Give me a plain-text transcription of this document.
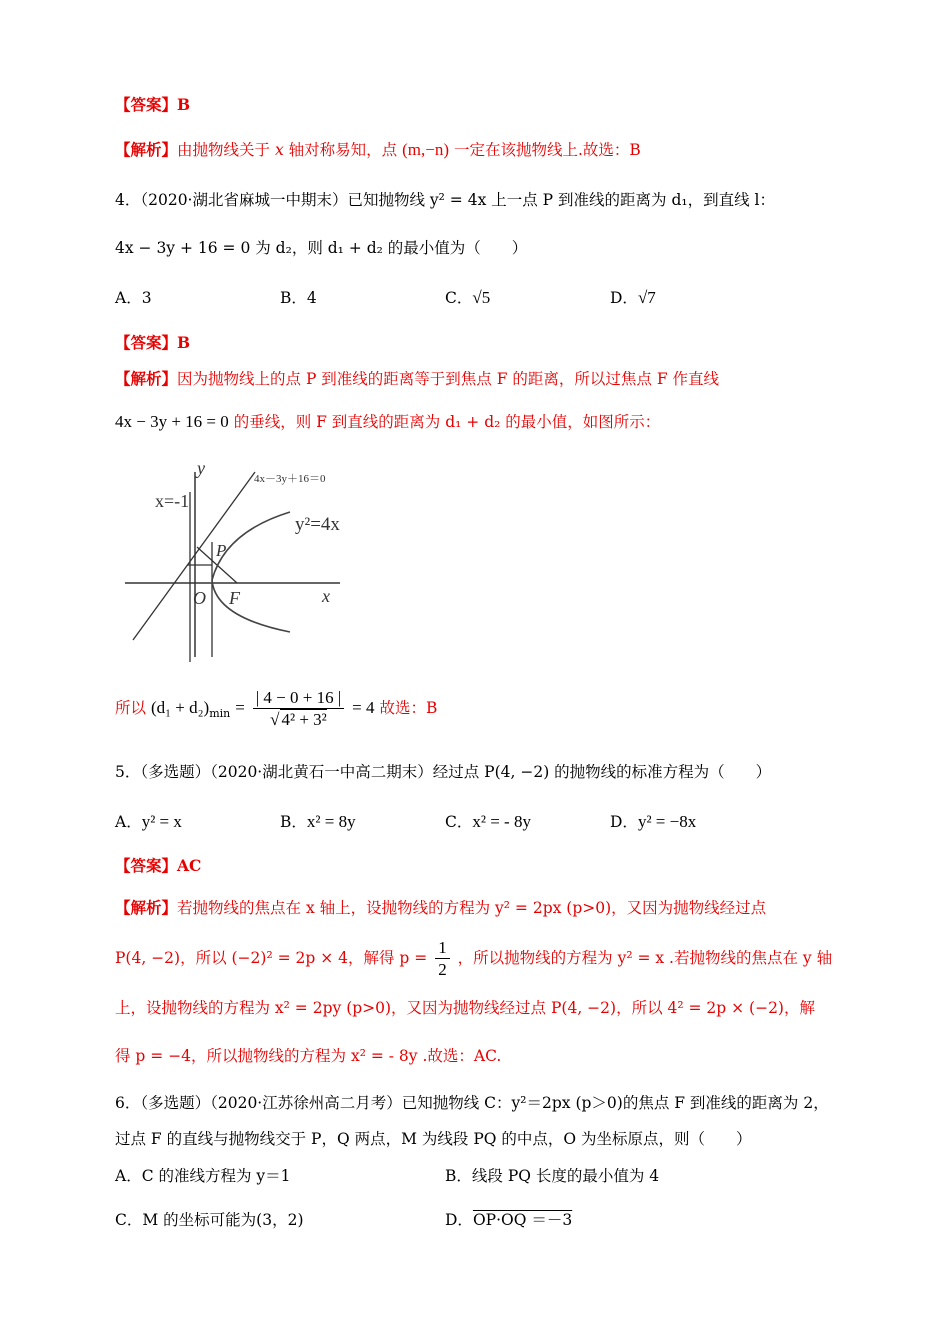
【答案】B
【解析】由抛物线关于 x 轴对称易知，点 (m,−n) 一定在该抛物线上.故选：B
4．（2020·湖北省麻城一中期末）已知抛物线 y² = 4x 上一点 P 到准线的距离为 d₁，到直线 l：
4x − 3y + 16 = 0 为 d₂，则 d₁ + d₂ 的最小值为（　　）
A．3	B．4	C．√5	D．√7
【答案】B
【解析】因为抛物线上的点 P 到准线的距离等于到焦点 F 的距离，所以过焦点 F 作直线
4x − 3y + 16 = 0 的垂线，则 F 到直线的距离为 d₁ + d₂ 的最小值，如图所示：
y
x
O F
P
4x－3y＋16＝0
x=-1
y²=4x
所以 $(d_1 + d_2)_{min} = \frac{| 4 - 0 + 16 |}{\text{√ 4² + 3²}} = 4$ 故选：B
5．（多选题）（2020·湖北黄石一中高二期末）经过点 P(4, −2) 的抛物线的标准方程为（　　）
A．y² = x	B．x² = 8y	C．x² = - 8y	D．y² = −8x
【答案】AC
【解析】若抛物线的焦点在 x 轴上，设抛物线的方程为 y² = 2px (p>0)，又因为抛物线经过点
P(4, −2)，所以 (−2)² = 2p × 4，解得 $p = \frac{1}{2}$ ，所以抛物线的方程为 y² = x .若抛物线的焦点在 y 轴
上，设抛物线的方程为 x² = 2py (p>0)，又因为抛物线经过点 P(4, −2)，所以 4² = 2p × (−2)，解
得 p = −4，所以抛物线的方程为 x² = - 8y .故选：AC.
6．（多选题）（2020·江苏徐州高二月考）已知抛物线 C：y²＝2px (p＞0)的焦点 F 到准线的距离为 2，
过点 F 的直线与抛物线交于 P，Q 两点，M 为线段 PQ 的中点，O 为坐标原点，则（　　）
A．C 的准线方程为 y＝1	B．线段 PQ 长度的最小值为 4
C．M 的坐标可能为(3，2)	D．OP·OQ ＝－3
